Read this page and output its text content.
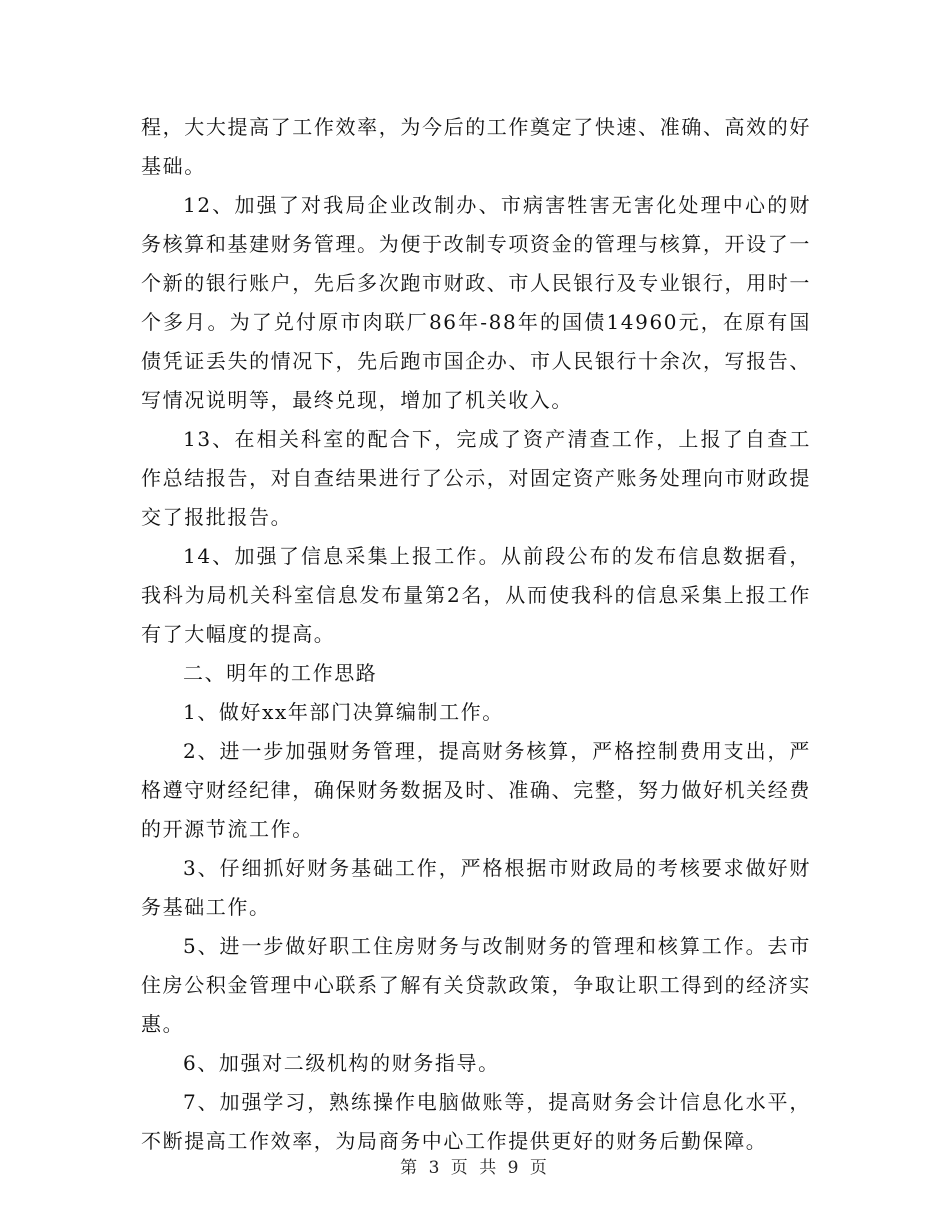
程，大大提高了工作效率，为今后的工作奠定了快速、准确、高效的好基础。

12、加强了对我局企业改制办、市病害牲害无害化处理中心的财务核算和基建财务管理。为便于改制专项资金的管理与核算，开设了一个新的银行账户，先后多次跑市财政、市人民银行及专业银行，用时一个多月。为了兑付原市肉联厂86年-88年的国债14960元，在原有国债凭证丢失的情况下，先后跑市国企办、市人民银行十余次，写报告、写情况说明等，最终兑现，增加了机关收入。

13、在相关科室的配合下，完成了资产清查工作，上报了自查工作总结报告，对自查结果进行了公示，对固定资产账务处理向市财政提交了报批报告。

14、加强了信息采集上报工作。从前段公布的发布信息数据看，我科为局机关科室信息发布量第2名，从而使我科的信息采集上报工作有了大幅度的提高。

二、明年的工作思路

1、做好xx年部门决算编制工作。

2、进一步加强财务管理，提高财务核算，严格控制费用支出，严格遵守财经纪律，确保财务数据及时、准确、完整，努力做好机关经费的开源节流工作。

3、仔细抓好财务基础工作，严格根据市财政局的考核要求做好财务基础工作。

5、进一步做好职工住房财务与改制财务的管理和核算工作。去市住房公积金管理中心联系了解有关贷款政策，争取让职工得到的经济实惠。

6、加强对二级机构的财务指导。

7、加强学习，熟练操作电脑做账等，提高财务会计信息化水平，不断提高工作效率，为局商务中心工作提供更好的财务后勤保障。

第 3 页 共 9 页
